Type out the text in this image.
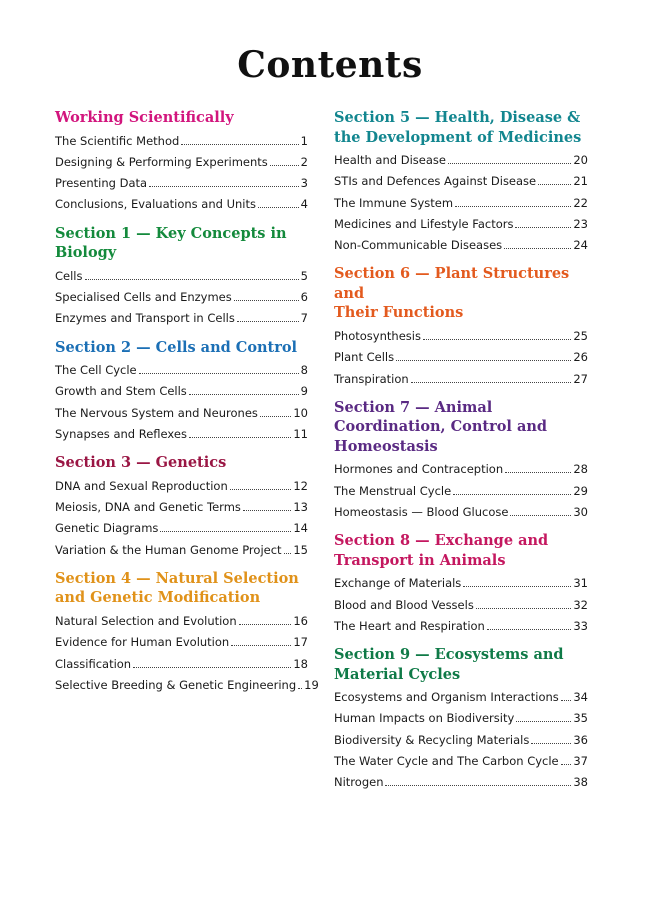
Contents
Working Scientifically
The Scientific Method	1
Designing & Performing Experiments	2
Presenting Data	3
Conclusions, Evaluations and Units	4
Section 1 — Key Concepts in
Biology
Cells	5
Specialised Cells and Enzymes	6
Enzymes and Transport in Cells	7
Section 2 — Cells and Control
The Cell Cycle	8
Growth and Stem Cells	9
The Nervous System and Neurones	10
Synapses and Reflexes	11
Section 3 — Genetics
DNA and Sexual Reproduction	12
Meiosis, DNA and Genetic Terms	13
Genetic Diagrams	14
Variation & the Human Genome Project 15
Section 4 — Natural Selection
and Genetic Modification
Natural Selection and Evolution	16
Evidence for Human Evolution	17
Classification	18
Selective Breeding & Genetic Engineering 19
Section 5 — Health, Disease &
the Development of Medicines
Health and Disease	20
STIs and Defences Against Disease	21
The Immune System	22
Medicines and Lifestyle Factors	23
Non-Communicable Diseases	24
Section 6 — Plant Structures and
Their Functions
Photosynthesis	25
Plant Cells	26
Transpiration	27
Section 7 — Animal
Coordination, Control and
Homeostasis
Hormones and Contraception	28
The Menstrual Cycle	29
Homeostasis — Blood Glucose	30
Section 8 — Exchange and
Transport in Animals
Exchange of Materials	31
Blood and Blood Vessels	32
The Heart and Respiration	33
Section 9 — Ecosystems and
Material Cycles
Ecosystems and Organism Interactions 34
Human Impacts on Biodiversity	35
Biodiversity & Recycling Materials	36
The Water Cycle and The Carbon Cycle 37
Nitrogen	38
